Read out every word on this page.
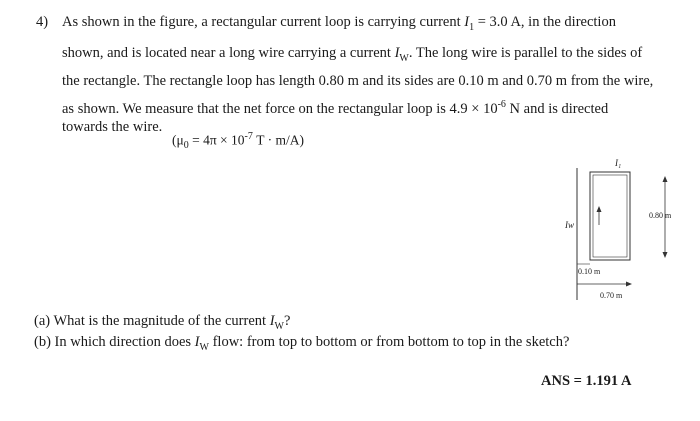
4) As shown in the figure, a rectangular current loop is carrying current $I_1 = 3.0$ A, in the direction
shown, and is located near a long wire carrying a current $I_W$. The long wire is parallel to the sides of
the rectangle. The rectangle loop has length 0.80 m and its sides are 0.10 m and 0.70 m from the wire,
as shown. We measure that the net force on the rectangular loop is $4.9 \times 10^{-6}$ N and is directed
towards the wire.
($\mu_0 = 4\pi \times 10^{-7}$ T · m/A)
I₁
Iw
0.80 m
0.10 m
0.70 m
(a) What is the magnitude of the current $I_W$?
(b) In which direction does $I_W$ flow: from top to bottom or from bottom to top in the sketch?
ANS = 1.191 A
